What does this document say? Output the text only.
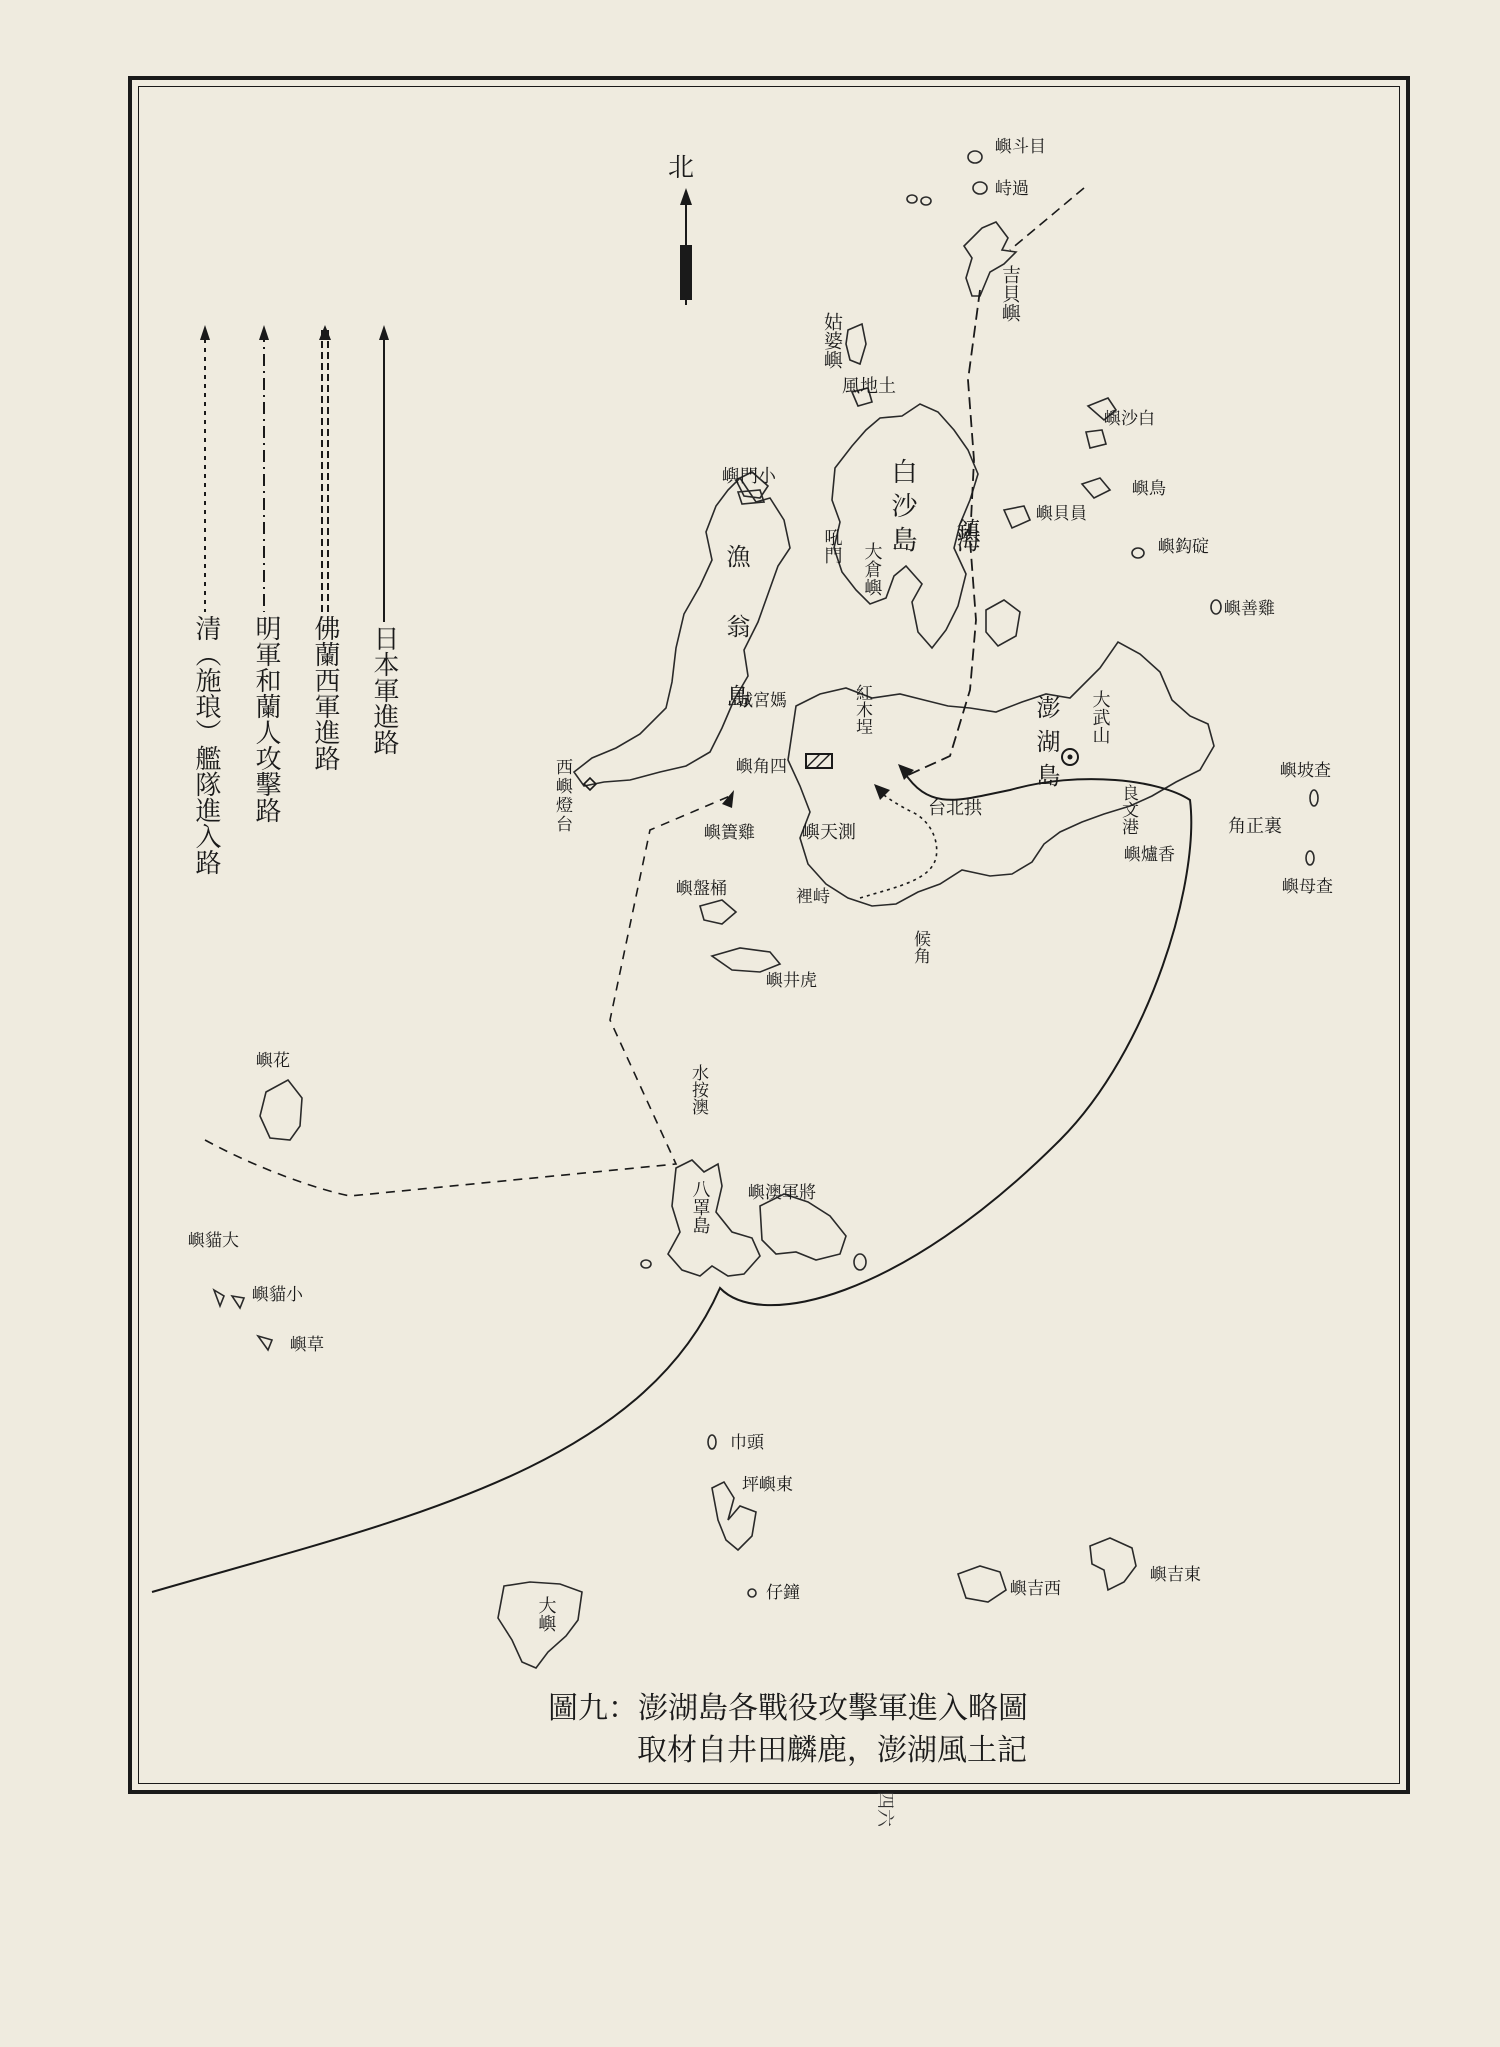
北
日本軍進路
佛蘭西軍進路
明軍和蘭人攻擊路
清（施琅）艦隊進入路
嶼斗目
峙過
吉貝嶼
姑婆嶼
風地土
嶼沙白
嶼鳥
嶼貝員
嶼鈎碇
嶼善雞
嶼門小
吼門 大倉嶼
白沙島 鎮海
漁翁島
西嶼燈台
紅木埕
城宮媽
嶼角四	澎湖島 大武山
台北拱	良文港	角正裏
嶼坡查
嶼母查
嶼爐香
嶼簀雞	嶼天測
嶼盤桶	裡峙
候角
嶼井虎
嶼花
水按澳
八罩島 嶼澳軍將
嶼貓大
嶼貓小
嶼草
巾頭
坪嶼東
仔鐘	嶼吉西
嶼吉東
大嶼
圖九：澎湖島各戰役攻擊軍進入略圖
取材自井田麟鹿，澎湖風土記
四六
